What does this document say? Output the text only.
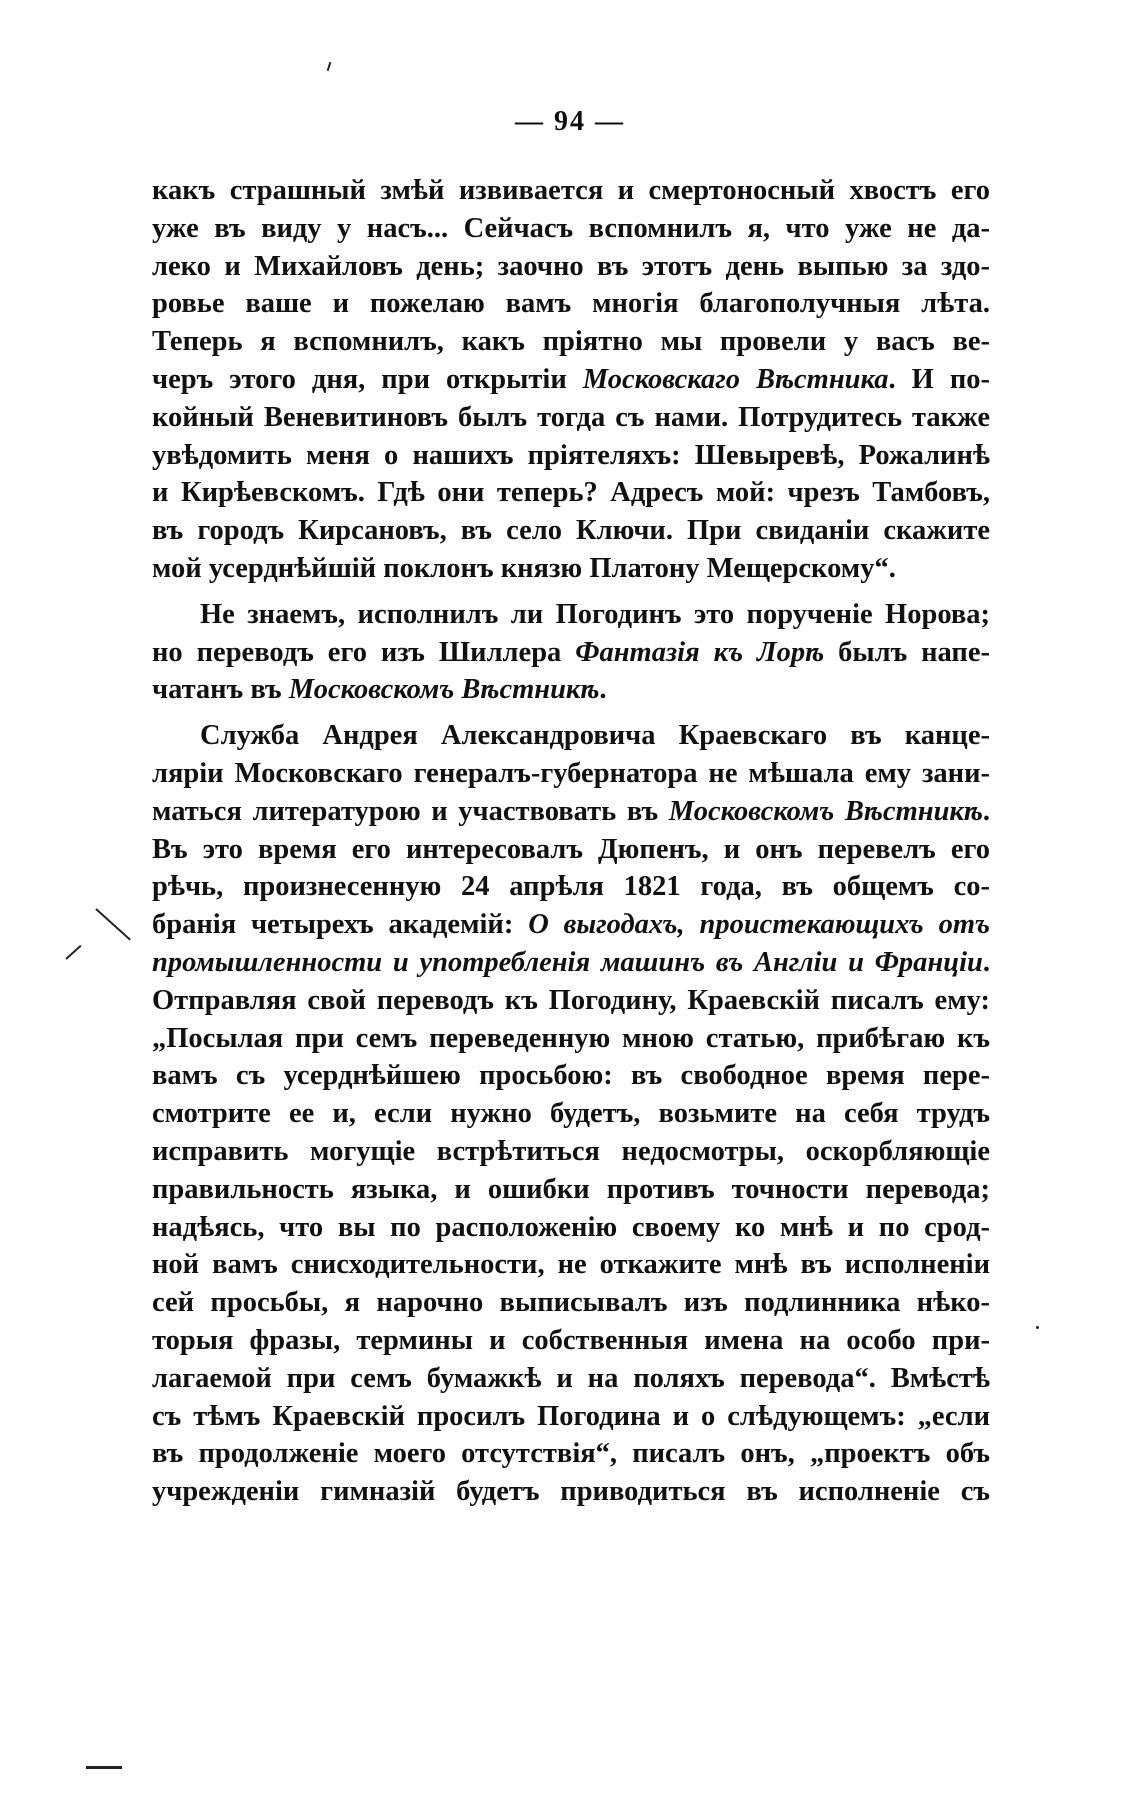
— 94 —
какъ страшный змѣй извивается и смертоносный хвостъ его
уже въ виду у насъ... Сейчасъ вспомнилъ я, что уже не да-
леко и Михайловъ день; заочно въ этотъ день выпью за здо-
ровье ваше и пожелаю вамъ многія благополучныя лѣта.
Теперь я вспомнилъ, какъ пріятно мы провели у васъ ве-
черъ этого дня, при открытіи Московскаго Вѣстника. И по-
койный Веневитиновъ былъ тогда съ нами. Потрудитесь также
увѣдомить меня о нашихъ пріятеляхъ: Шевыревѣ, Рожалинѣ
и Кирѣевскомъ. Гдѣ они теперь? Адресъ мой: чрезъ Тамбовъ,
въ городъ Кирсановъ, въ село Ключи. При свиданіи скажите
мой усерднѣйшій поклонъ князю Платону Мещерскому“.
Не знаемъ, исполнилъ ли Погодинъ это порученіе Норова;
но переводъ его изъ Шиллера Фантазія къ Лорѣ былъ напе-
чатанъ въ Московскомъ Вѣстникѣ.
Служба Андрея Александровича Краевскаго въ канце-
ляріи Московскаго генералъ-губернатора не мѣшала ему зани-
маться литературою и участвовать въ Московскомъ Вѣстникѣ.
Въ это время его интересовалъ Дюпенъ, и онъ перевелъ его
рѣчь, произнесенную 24 апрѣля 1821 года, въ общемъ со-
бранія четырехъ академій: О выгодахъ, проистекающихъ отъ
промышленности и употребленія машинъ въ Англіи и Франціи.
Отправляя свой переводъ къ Погодину, Краевскій писалъ ему:
„Посылая при семъ переведенную мною статью, прибѣгаю къ
вамъ съ усерднѣйшею просьбою: въ свободное время пере-
смотрите ее и, если нужно будетъ, возьмите на себя трудъ
исправить могущіе встрѣтиться недосмотры, оскорбляющіе
правильность языка, и ошибки противъ точности перевода;
надѣясь, что вы по расположенію своему ко мнѣ и по срод-
ной вамъ снисходительности, не откажите мнѣ въ исполненіи
сей просьбы, я нарочно выписывалъ изъ подлинника нѣко-
торыя фразы, термины и собственныя имена на особо при-
лагаемой при семъ бумажкѣ и на поляхъ перевода“. Вмѣстѣ
съ тѣмъ Краевскій просилъ Погодина и о слѣдующемъ: „если
въ продолженіе моего отсутствія“, писалъ онъ, „проектъ объ
учрежденіи гимназій будетъ приводиться въ исполненіе съ
